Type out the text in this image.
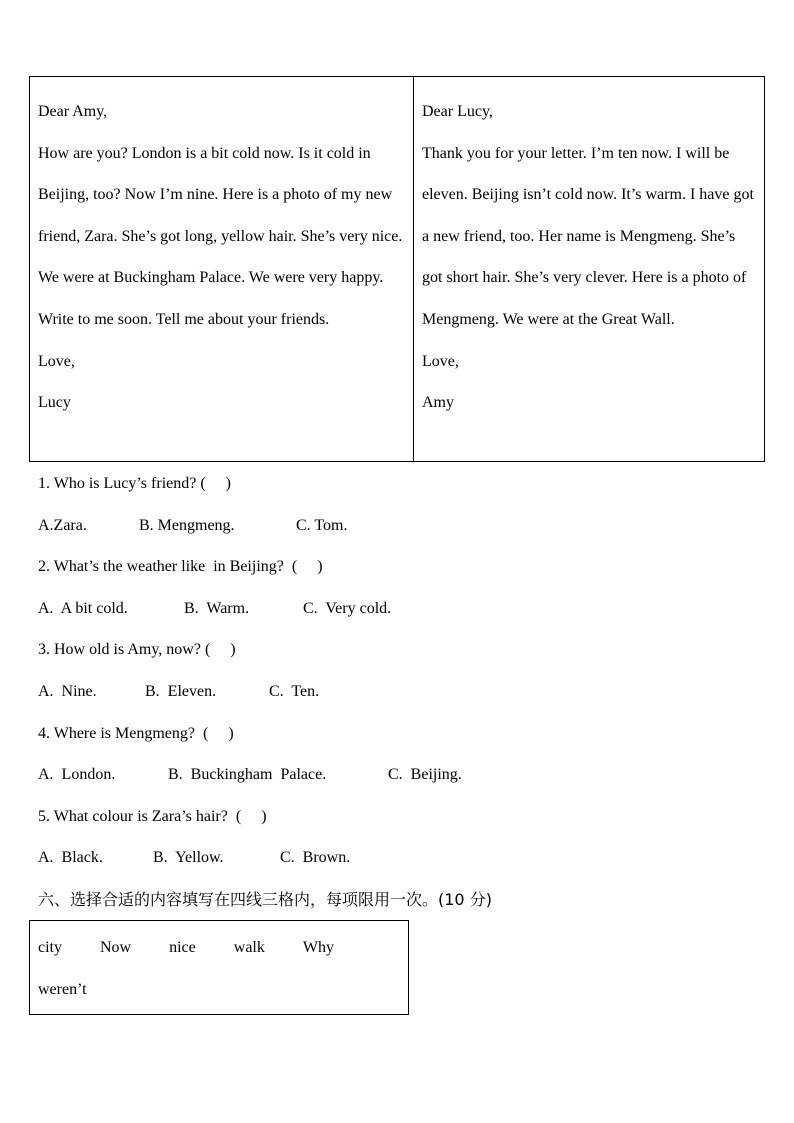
Dear Amy,

How are you? London is a bit cold now. Is it cold in Beijing, too? Now I’m nine. Here is a photo of my new friend, Zara. She’s got long, yellow hair. She’s very nice. We were at Buckingham Palace. We were very happy. Write to me soon. Tell me about your friends.

Love,

Lucy

Dear Lucy,

Thank you for your letter. I’m ten now. I will be eleven. Beijing isn’t cold now. It’s warm. I have got a new friend, too. Her name is Mengmeng. She’s got short hair. She’s very clever. Here is a photo of Mengmeng. We were at the Great Wall.

Love,

Amy

1. Who is Lucy’s friend? (     )
A.Zara.	B. Mengmeng.	C. Tom.
2. What’s the weather like  in Beijing?  (     )
A.  A bit cold.	B.  Warm.	C.  Very cold.
3. How old is Amy, now? (     )
A.  Nine.	B.  Eleven.	C.  Ten.
4. Where is Mengmeng?  (     )
A.  London.	B.  Buckingham  Palace.	C.  Beijing.
5. What colour is Zara’s hair?  (     )
A.  Black.	B.  Yellow.	C.  Brown.
六、选择合适的内容填写在四线三格内，每项限用一次。(10 分)
city Now nice walk Why
weren’t
